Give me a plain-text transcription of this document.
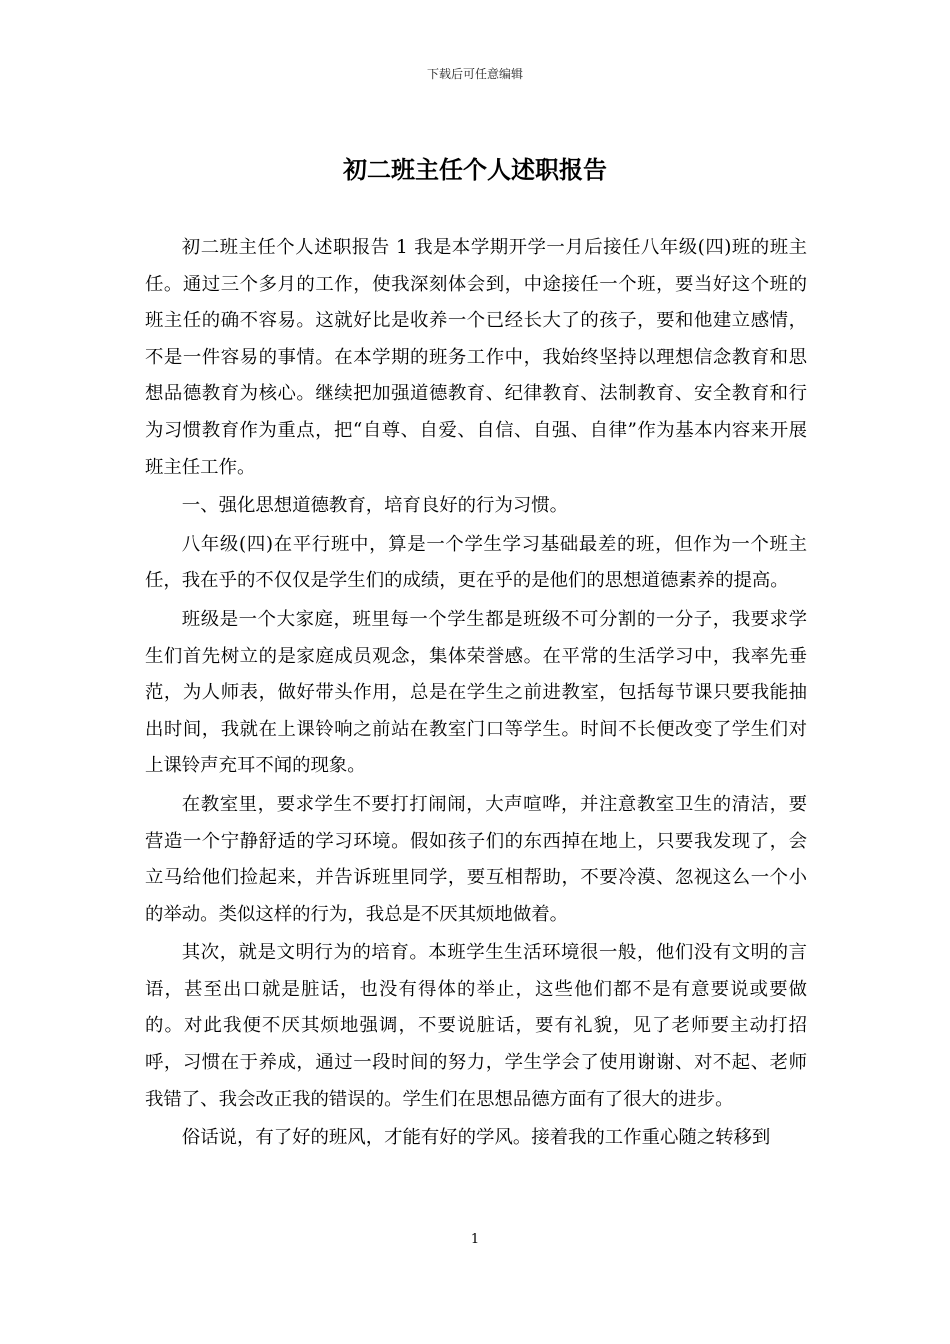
下载后可任意编辑
初二班主任个人述职报告

初二班主任个人述职报告 1 我是本学期开学一月后接任八年级(四)班的班主任。通过三个多月的工作，使我深刻体会到，中途接任一个班，要当好这个班的班主任的确不容易。这就好比是收养一个已经长大了的孩子，要和他建立感情，不是一件容易的事情。在本学期的班务工作中，我始终坚持以理想信念教育和思想品德教育为核心。继续把加强道德教育、纪律教育、法制教育、安全教育和行为习惯教育作为重点，把“自尊、自爱、自信、自强、自律”作为基本内容来开展班主任工作。

一、强化思想道德教育，培育良好的行为习惯。

八年级(四)在平行班中，算是一个学生学习基础最差的班，但作为一个班主任，我在乎的不仅仅是学生们的成绩，更在乎的是他们的思想道德素养的提高。

班级是一个大家庭，班里每一个学生都是班级不可分割的一分子，我要求学生们首先树立的是家庭成员观念，集体荣誉感。在平常的生活学习中，我率先垂范，为人师表，做好带头作用，总是在学生之前进教室，包括每节课只要我能抽出时间，我就在上课铃响之前站在教室门口等学生。时间不长便改变了学生们对上课铃声充耳不闻的现象。

在教室里，要求学生不要打打闹闹，大声喧哗，并注意教室卫生的清洁，要营造一个宁静舒适的学习环境。假如孩子们的东西掉在地上，只要我发现了，会立马给他们捡起来，并告诉班里同学，要互相帮助，不要冷漠、忽视这么一个小的举动。类似这样的行为，我总是不厌其烦地做着。

其次，就是文明行为的培育。本班学生生活环境很一般，他们没有文明的言语，甚至出口就是脏话，也没有得体的举止，这些他们都不是有意要说或要做的。对此我便不厌其烦地强调，不要说脏话，要有礼貌，见了老师要主动打招呼，习惯在于养成，通过一段时间的努力，学生学会了使用谢谢、对不起、老师我错了、我会改正我的错误的。学生们在思想品德方面有了很大的进步。

俗话说，有了好的班风，才能有好的学风。接着我的工作重心随之转移到

1
